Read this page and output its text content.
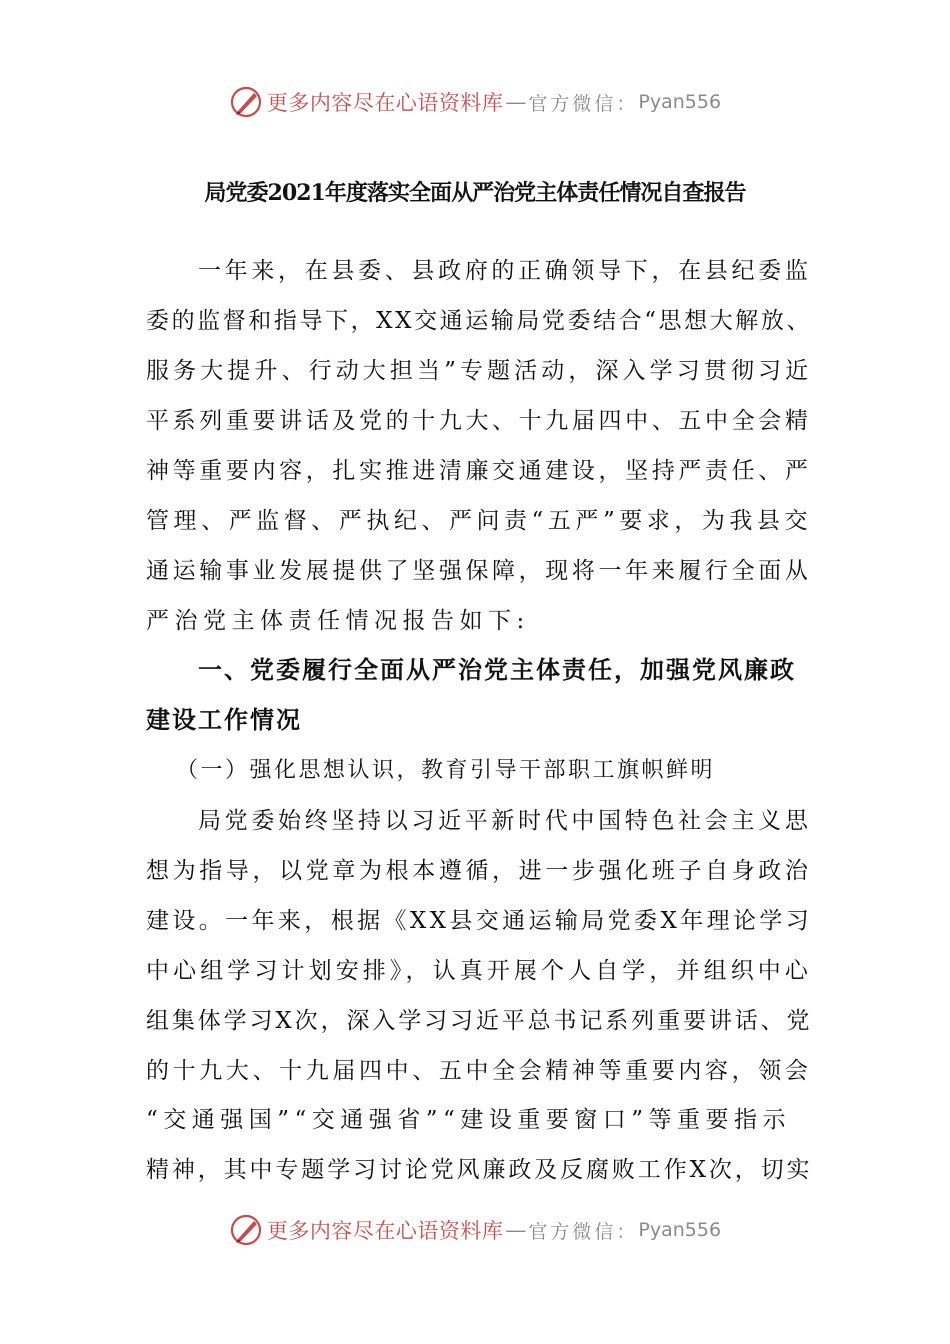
更多内容尽在心语资料库 — 官方微信： Pyan556
局党委2021年度落实全面从严治党主体责任情况自查报告
一年来，在县委、县政府的正确领导下，在县纪委监
委的监督和指导下，XX交通运输局党委结合“思想大解放、
服务大提升、行动大担当”专题活动，深入学习贯彻习近
平系列重要讲话及党的十九大、十九届四中、五中全会精
神等重要内容，扎实推进清廉交通建设，坚持严责任、严
管理、严监督、严执纪、严问责“五严”要求，为我县交
通运输事业发展提供了坚强保障，现将一年来履行全面从
严治党主体责任情况报告如下:
一、党委履行全面从严治党主体责任，加强党风廉政
建设工作情况
（一）强化思想认识，教育引导干部职工旗帜鲜明
局党委始终坚持以习近平新时代中国特色社会主义思
想为指导，以党章为根本遵循，进一步强化班子自身政治
建设。一年来，根据《XX县交通运输局党委X年理论学习
中心组学习计划安排》，认真开展个人自学，并组织中心
组集体学习X次，深入学习习近平总书记系列重要讲话、党
的十九大、十九届四中、五中全会精神等重要内容，领会
“交通强国”“交通强省”“建设重要窗口”等重要指示
精神，其中专题学习讨论党风廉政及反腐败工作X次，切实
更多内容尽在心语资料库 — 官方微信： Pyan556
